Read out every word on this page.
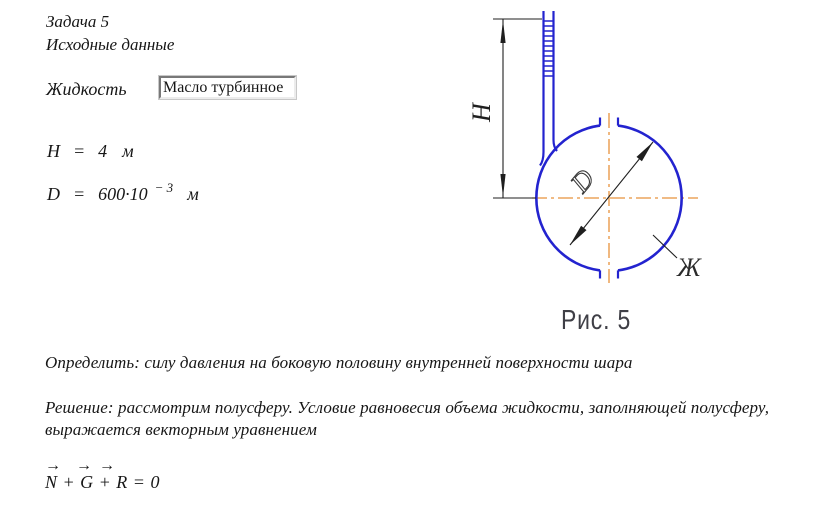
Задача 5
Исходные данные
Жидкость
Масло турбинное
H = 4 м
D = 600·10 − 3 м
H
D
Ж
Рис. 5
Определить: силу давления на боковую половину внутренней поверхности шара
Решение: рассмотрим полусферу. Условие равновесия объема жидкости, заполняющей полусферу,
выражается векторным уравнением
→ → →
N + G + R = 0
